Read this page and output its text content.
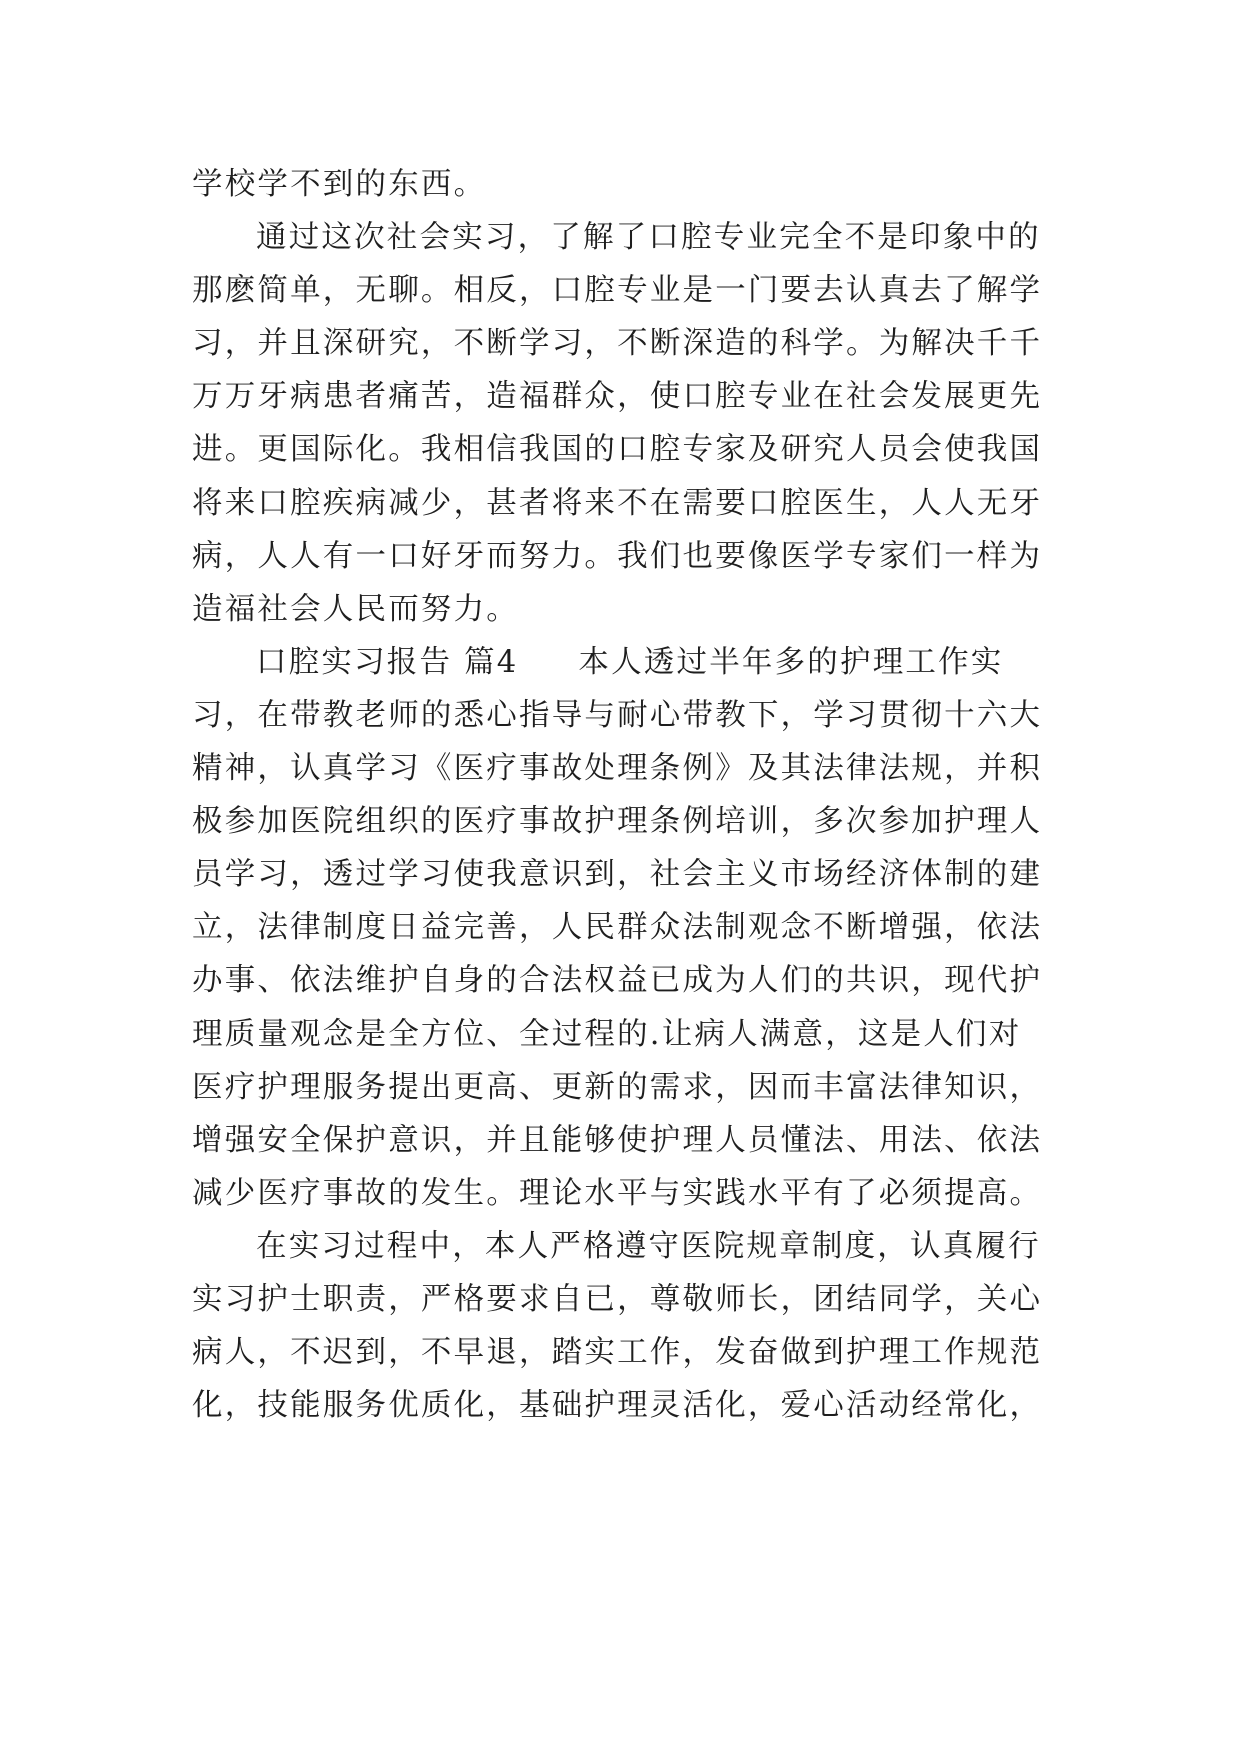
学校学不到的东西。
通过这次社会实习，了解了口腔专业完全不是印象中的
那麽简单，无聊。相反，口腔专业是一门要去认真去了解学
习，并且深研究，不断学习，不断深造的科学。为解决千千
万万牙病患者痛苦，造福群众，使口腔专业在社会发展更先
进。更国际化。我相信我国的口腔专家及研究人员会使我国
将来口腔疾病减少，甚者将来不在需要口腔医生，人人无牙
病，人人有一口好牙而努力。我们也要像医学专家们一样为
造福社会人民而努力。
口腔实习报告 篇4 本人透过半年多的护理工作实
习，在带教老师的悉心指导与耐心带教下，学习贯彻十六大
精神，认真学习《医疗事故处理条例》及其法律法规，并积
极参加医院组织的医疗事故护理条例培训，多次参加护理人
员学习，透过学习使我意识到，社会主义市场经济体制的建
立，法律制度日益完善，人民群众法制观念不断增强，依法
办事、依法维护自身的合法权益已成为人们的共识，现代护
理质量观念是全方位、全过程的.让病人满意，这是人们对
医疗护理服务提出更高、更新的需求，因而丰富法律知识，
增强安全保护意识，并且能够使护理人员懂法、用法、依法
减少医疗事故的发生。理论水平与实践水平有了必须提高。
在实习过程中，本人严格遵守医院规章制度，认真履行
实习护士职责，严格要求自已，尊敬师长，团结同学，关心
病人，不迟到，不早退，踏实工作，发奋做到护理工作规范
化，技能服务优质化，基础护理灵活化，爱心活动经常化，
